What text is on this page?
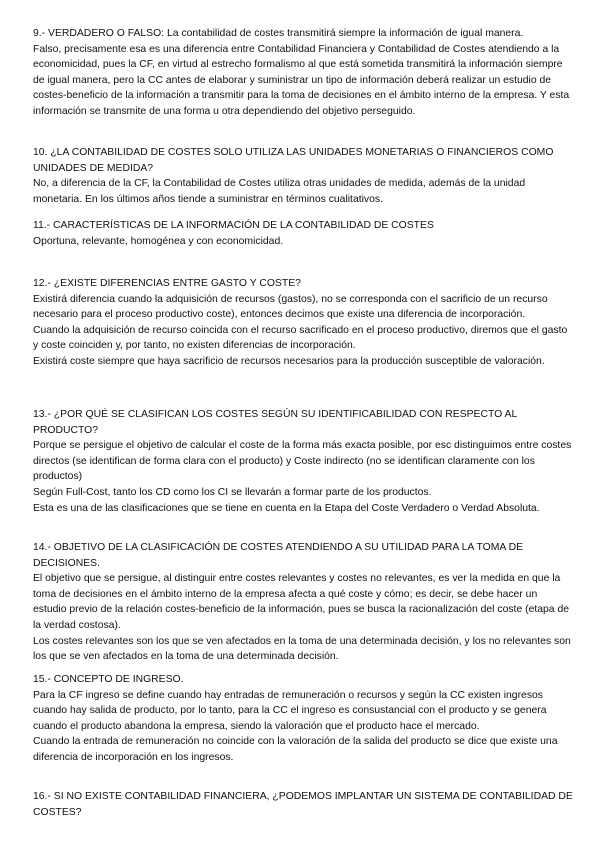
9.- VERDADERO O FALSO: La contabilidad de costes transmitirá siempre la información de igual manera.

Falso, precisamente esa es una diferencia entre Contabilidad Financiera y Contabilidad de Costes atendiendo a la economicidad, pues la CF, en virtud al estrecho formalismo al que está sometida transmitirá la información siempre de igual manera, pero la CC antes de elaborar y suministrar un tipo de información deberá realizar un estudio de costes-beneficio de la información a transmitir para la toma de decisiones en el ámbito interno de la empresa. Y esta información se transmite de una forma u otra dependiendo del objetivo perseguido.

10. ¿LA CONTABILIDAD DE COSTES SOLO UTILIZA LAS UNIDADES MONETARIAS O FINANCIEROS COMO UNIDADES DE MEDIDA?

No, a diferencia de la CF, la Contabilidad de Costes utiliza otras unidades de medida, además de la unidad monetaria. En los últimos años tiende a suministrar en términos cualitativos.

11.- CARACTERÍSTICAS DE LA INFORMACIÓN DE LA CONTABILIDAD DE COSTES

Oportuna, relevante, homogénea y con economicidad.

12.- ¿EXISTE DIFERENCIAS ENTRE GASTO Y COSTE?

Existirá diferencia cuando la adquisición de recursos (gastos), no se corresponda con el sacrificio de un recurso necesario para el proceso productivo coste), entonces decimos que existe una diferencia de incorporación.

Cuando la adquisición de recurso coincida con el recurso sacrificado en el proceso productivo, diremos que el gasto y coste coinciden y, por tanto, no existen diferencias de incorporación.

Existirá coste siempre que haya sacrificio de recursos necesarios para la producción susceptible de valoración.

13.- ¿POR QUÉ SE CLASIFICAN LOS COSTES SEGÚN SU IDENTIFICABILIDAD CON RESPECTO AL PRODUCTO?

Porque se persigue el objetivo de calcular el coste de la forma más exacta posible, por esc distinguimos entre costes directos (se identifican de forma clara con el producto) y Coste indirecto (no se identifican claramente con los productos)

Según Full-Cost, tanto los CD como los CI se llevarán a formar parte de los productos.

Esta es una de las clasificaciones que se tiene en cuenta en la Etapa del Coste Verdadero o Verdad Absoluta.

14.- OBJETIVO DE LA CLASIFICACIÓN DE COSTES ATENDIENDO A SU UTILIDAD PARA LA TOMA DE DECISIONES.

El objetivo que se persigue, al distinguir entre costes relevantes y costes no relevantes, es ver la medida en que la toma de decisiones en el ámbito interno de la empresa afecta a qué coste y cómo; es decir, se debe hacer un estudio previo de la relación costes-beneficio de la información, pues se busca la racionalización del coste (etapa de la verdad costosa).

Los costes relevantes son los que se ven afectados en la toma de una determinada decisión, y los no relevantes son los que se ven afectados en la toma de una determinada decisión.

15.- CONCEPTO DE INGRESO.

Para la CF ingreso se define cuando hay entradas de remuneración o recursos y según la CC existen ingresos cuando hay salida de producto, por lo tanto, para la CC el ingreso es consustancial con el producto y se genera cuando el producto abandona la empresa, siendo la valoración que el producto hace el mercado.

Cuando la entrada de remuneración no coincide con la valoración de la salida del producto se dice que existe una diferencia de incorporación en los ingresos.

16.- SI NO EXISTE CONTABILIDAD FINANCIERA, ¿PODEMOS IMPLANTAR UN SISTEMA DE CONTABILIDAD DE COSTES?
